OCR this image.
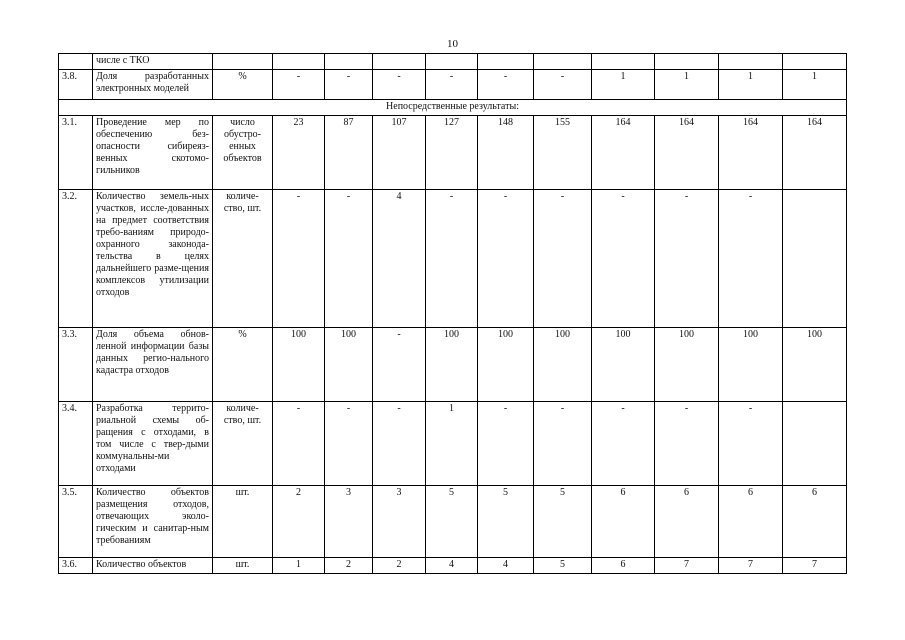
10
	числе с ТКО											
3.8.	Доля разработанных электронных моделей	%	-	-	-	-	-	-	1	1	1	1
Непосредственные результаты:												
3.1.	Проведение мер по обеспечению без-опасности сибиреяз-венных скотомо-гильников	число обустро-енных объектов	23	87	107	127	148	155	164	164	164	164
3.2.	Количество земель-ных участков, иссле-дованных на предмет соответствия требо-ваниям природо-охранного законода-тельства в целях дальнейшего разме-щения комплексов утилизации отходов	количе-ство, шт.	-	-	4	-	-	-	-	-	-	
3.3.	Доля объема обнов-ленной информации базы данных регио-нального кадастра отходов	%	100	100	-	100	100	100	100	100	100	100
3.4.	Разработка террито-риальной схемы об-ращения с отходами, в том числе с твер-дыми коммунальны-ми отходами	количе-ство, шт.	-	-	-	1	-	-	-	-	-	
3.5.	Количество объектов размещения отходов, отвечающих эколо-гическим и санитар-ным требованиям	шт.	2	3	3	5	5	5	6	6	6	6
3.6.	Количество объектов	шт.	1	2	2	4	4	5	6	7	7	7
